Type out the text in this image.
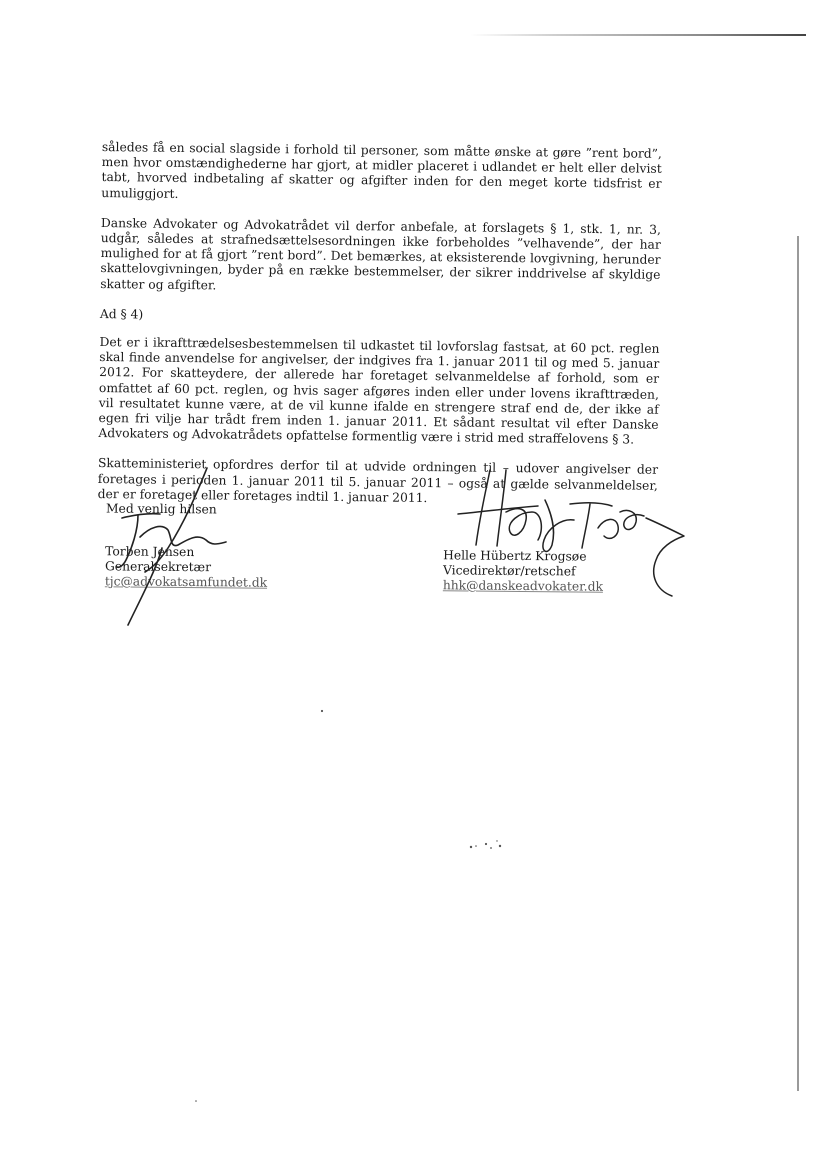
således få en social slagside i forhold til personer, som måtte ønske at gøre ”rent bord”, men hvor omstændighederne har gjort, at midler placeret i udlandet er helt eller delvist tabt, hvorved indbetaling af skatter og afgifter inden for den meget korte tidsfrist er umuliggjort.

Danske Advokater og Advokatrådet vil derfor anbefale, at forslagets § 1, stk. 1, nr. 3, udgår, således at strafnedsættelsesordningen ikke forbeholdes ”velhavende”, der har mulighed for at få gjort ”rent bord”. Det bemærkes, at eksisterende lovgivning, herunder skattelovgivningen, byder på en række bestemmelser, der sikrer inddrivelse af skyldige skatter og afgifter.

Ad § 4)

Det er i ikrafttrædelsesbestemmelsen til udkastet til lovforslag fastsat, at 60 pct. reglen skal finde anvendelse for angivelser, der indgives fra 1. januar 2011 til og med 5. januar 2012. For skatteydere, der allerede har foretaget selvanmeldelse af forhold, som er omfattet af 60 pct. reglen, og hvis sager afgøres inden eller under lovens ikrafttræden, vil resultatet kunne være, at de vil kunne ifalde en strengere straf end de, der ikke af egen fri vilje har trådt frem inden 1. januar 2011. Et sådant resultat vil efter Danske Advokaters og Advokatrådets opfattelse formentlig være i strid med straffelovens § 3.

Skatteministeriet opfordres derfor til at udvide ordningen til – udover angivelser der foretages i perioden 1. januar 2011 til 5. januar 2011 – også at gælde selvanmeldelser, der er foretaget eller foretages indtil 1. januar 2011.

Med venlig hilsen
Torben Jensen
Generalsekretær
tjc@advokatsamfundet.dk
Helle Hübertz Krogsøe
Vicedirektør/retschef
hhk@danskeadvokater.dk
